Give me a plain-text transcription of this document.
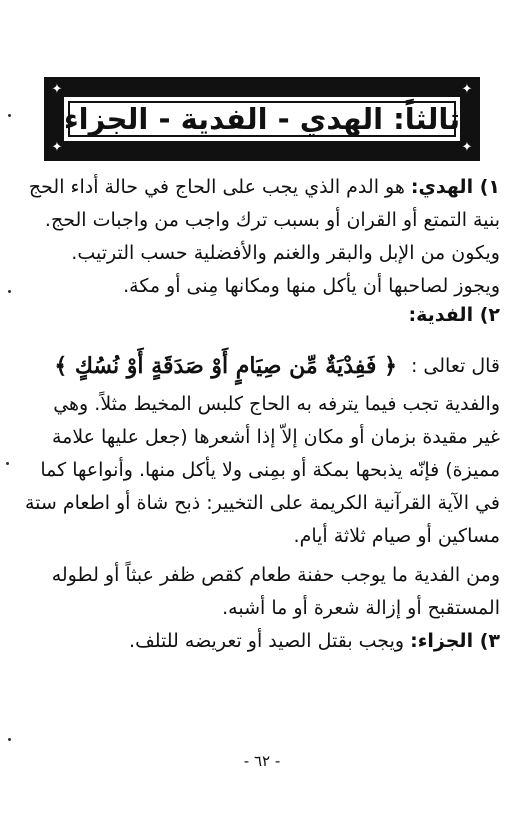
✦
✦
✦
✦
ثالثاً: الهدي - الفدية - الجزاء
١) الهدي: هو الدم الذي يجب على الحاج في حالة أداء الحج
بنية التمتع أو القران أو بسبب ترك واجب من واجبات الحج.
ويكون من الإبل والبقر والغنم والأفضلية حسب الترتيب.
ويجوز لصاحبها أن يأكل منها ومكانها مِنى أو مكة.
٢) الفدية:
قال تعالى :
﴿ فَفِدْيَةٌ مِّن صِيَامٍ أَوْ صَدَقَةٍ أَوْ نُسُكٍ ﴾
والفدية تجب فيما يترفه به الحاج كلبس المخيط مثلاً. وهي
غير مقيدة بزمان أو مكان إلاّ إذا أشعرها (جعل عليها علامة
مميزة) فإنّه يذبحها بمكة أو بمِنى ولا يأكل منها. وأنواعها كما
في الآية القرآنية الكريمة على التخيير: ذبح شاة أو اطعام ستة
مساكين أو صيام ثلاثة أيام.
ومن الفدية ما يوجب حفنة طعام كقص ظفر عبثاً أو لطوله
المستقبح أو إزالة شعرة أو ما أشبه.
٣) الجزاء: ويجب بقتل الصيد أو تعريضه للتلف.
- ٦٢ -
